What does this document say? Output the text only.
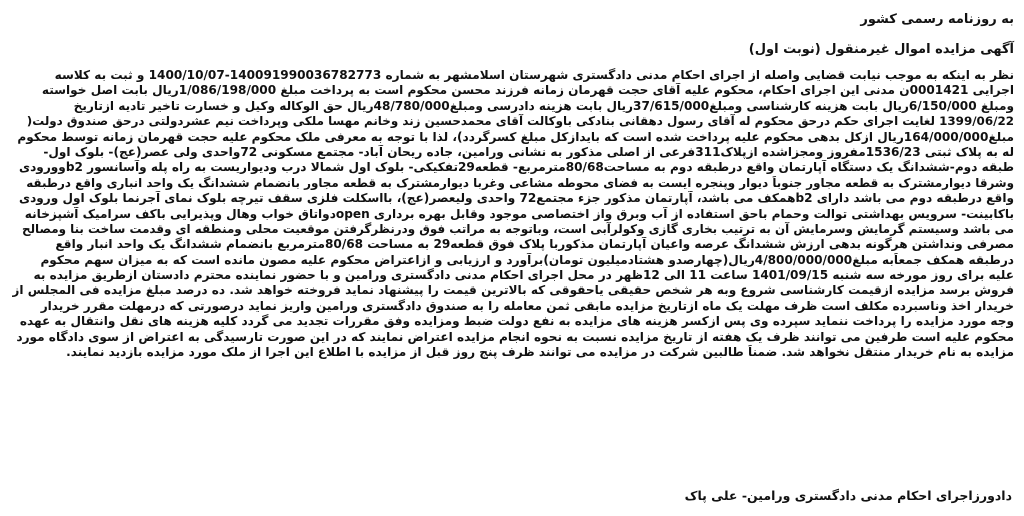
به روزنامه رسمی کشور
آگهی مزایده اموال غیرمنقول (نوبت اول)
نظر به اینکه به موجب نیابت قضایی واصله از اجرای احکام مدنی دادگستری شهرستان اسلامشهر به شماره 140091990036782773-1400/10/07 و ثبت به کلاسه
اجرایی 0001421ن مدنی این اجرای احکام، محکوم علیه آقای حجت قهرمان زمانه فرزند محسن محکوم است به پرداخت مبلغ 1/086/198/000ریال بابت اصل خواسته
ومبلغ 6/150/000ریال بابت هزینه کارشناسی ومبلغ37/615/000ریال بابت هزینه دادرسی ومبلغ48/780/000ریال حق الوکاله وکیل و خسارت تاخیر تادیه ازتاریخ
1399/06/22 لغایت اجرای حکم درحق محکوم له آقای رسول دهقانی بنادکی باوکالت آقای محمدحسین زند وخانم مهسا ملکی وپرداخت نیم عشردولتی درحق صندوق دولت(
مبلغ164/000/000ریال ازکل بدهی محکوم علیه پرداخت شده است که بایدازکل مبلغ کسرگردد)، لذا با توجه به معرفی ملک محکوم علیه حجت قهرمان زمانه توسط محکوم
له به پلاک ثبتی 1536/23مفروز ومجزاشده ازپلاک311فرعی از اصلی مذکور به نشانی ورامین، جاده ریحان آباد- مجتمع مسکونی 72واحدی ولی عصر(عج)- بلوک اول-
طبقه دوم-ششدانگ یک دستگاه آپارتمان واقع درطبقه دوم به مساحت80/68مترمربع- قطعه29تفکیکی- بلوک اول شمالا درب ودیواریست به راه پله وآسانسور b2وورودی
وشرقا دیوارمشترک به قطعه مجاور جنوباً دیوار وپنجره ایست به فضای محوطه مشاعی وغربا دیوارمشترک به قطعه مجاور بانضمام ششدانگ یک واحد انباری واقع درطبقه
واقع درطبقه دوم می باشد دارای b2همکف می باشد، آپارتمان مذکور جزء مجتمع72 واحدی ولیعصر(عج)، بااسکلت فلزی سقف تیرچه بلوک نمای آجرنما بلوک اول ورودی
باکابینت- سرویس بهداشتی توالت وحمام باحق استفاده از آب وبرق واز اختصاصی موجود وقابل بهره برداری openدواتاق خواب وهال وپذیرایی باکف سرامیک آشپزخانه
می باشد وسیستم گرمایش وسرمایش آن به ترتیب بخاری گازی وکولرآبی است، وباتوجه به مراتب فوق ودرنظرگرفتن موقعیت محلی ومنطقه ای وقدمت ساخت بنا ومصالح
مصرفی ونداشتن هرگونه بدهی ارزش ششدانگ عرصه واعیان آپارتمان مذکوربا پلاک فوق قطعه29 به مساحت 80/68مترمربع بانضمام ششدانگ یک واحد انبار واقع
درطبقه همکف جمعاًبه مبلغ4/800/000/000ریال(چهارصدو هشتادمیلیون تومان)برآورد و ارزیابی و ازاعتراض محکوم علیه مصون مانده است که به میزان سهم محکوم
علیه برای روز مورخه سه شنبه 1401/09/15 ساعت 11 الی 12ظهر در محل اجرای احکام مدنی دادگستری ورامین و با حضور نماینده محترم دادستان ازطریق مزایده به
فروش برسد مزایده ازقیمت کارشناسی شروع وبه هر شخص حقیقی یاحقوقی که بالاترین قیمت را پیشنهاد نماید فروخته خواهد شد. ده درصد مبلغ مزایده فی المجلس از
خریدار اخذ وناسبرده مکلف است ظرف مهلت یک ماه ازتاریخ مزایده مابقی ثمن معامله را به صندوق دادگستری ورامین واریز نماید درصورتی که درمهلت مقرر خریدار
وجه مورد مزایده را پرداخت ننماید سپرده وی پس ازکسر هزینه های مزایده به نفع دولت ضبط ومزایده وفق مقررات تجدید می گردد کلیه هزینه های نقل وانتقال به عهده
محکوم علیه است طرفین می توانند ظرف یک هفته از تاریخ مزایده نسبت به نحوه انجام مزایده اعتراض نمایند که در این صورت تارسیدگی به اعتراض از سوی دادگاه مورد
مزایده به نام خریدار منتقل نخواهد شد. ضمناً طالبین شرکت در مزایده می توانند ظرف پنج روز قبل از مزایده با اطلاع این اجرا از ملک مورد مزایده بازدید نمایند.
دادورزاجرای احکام مدنی دادگستری ورامین- علی پاک
